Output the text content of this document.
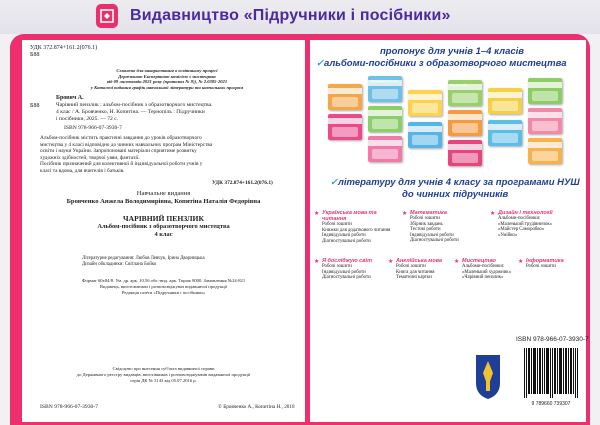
Видавництво «Підручники і посібники»
УДК 372.874+161.2(076.1)
Б88
Схвалено для використання в освітньому процесі
Державною Експертною комісією з мистецтва
від 09 листопада 2021 року (протокол № 9)), № 2.0385-2021
у Каталозі видання графік навчальної літератури та навчальних програм
Брович А.
Б88	Чарівний пензлик : альбом-посібник з образотворчого мистецтва.
4 клас / А. Бровченко, Н. Копитіна. — Тернопіль : Підручники
і посібники, 2025. — 72 с.
ISBN 978-966-07-3930-7
Альбом-посібник містить практичні завдання до уроків образотворчого
мистецтва у 4 класі відповідно до чинних навчальних програм Міністерства
освіти і науки України. Запропоновані матеріали сприятиме розвитку
художніх здібностей, творчої уяви, фантазії.
Посібник призначений для колективної й індивідуальної роботи учнів у
класі та вдома, для вчителів і батьків.
УДК 372.874+161.2(076.1)
Навчальне видання
Бровченко Анжела Володимирівна, Копитіна Наталія Федорівна
ЧАРІВНИЙ ПЕНЗЛИК
Альбом-посібник з образотворчого мистецтва
4 клас
Літературне редагування: Любов Левчук, Ірина Дворницька
Дизайн обкладинки: Світлана Бойко
Формат 60х84/8. Ум. др. арк. 10,56 обл.-вид. арк. Тираж 8000. Замовлення №24-821
Видавець, виготовлювач і розповсюджувач видавничої продукції
Редакція газети «Підручники і посібники»
Свідоцтво про внесення суб'єкта видавничої справи
до Державного реєстру видавців, виготівників і розповсюджувачів видавничої продукції
серія ДК № 5143 від 05.07.2016 р.
ISBN 978-966-07-3930-7	© Бровченко А., Копитіна Н., 2018
пропонує для учнів 1–4 класів
✓альбоми-посібники з образотворчого мистецтва
Чарівний пензлик
Барвограй
✓літературу для учнів 4 класу за програмами НУШ
до чинних підручників
★ Українська мова та читання
Робочі зошити
Книжки для додаткового читання
Індивідуальні роботи
Діагностувальні роботи
★ Математика
Робочі зошити
Збірник завдань
Тестові роботи
Індивідуальні роботи
Діагностувальні роботи
★ Дизайн і технології
Альбоми-посібники:
«Маленький трудівничок»
«Майстер Саморобко»
«Умійко»
★ Я досліджую світ
Робочі зошити
Індивідуальні роботи
Діагностувальні роботи
★ Англійська мова
Робочі зошити
Книга для читання
Тематичні картки
★ Мистецтво
Альбоми-посібники:
«Маленький художник»
«Чарівний пензлик»
★ Інформатика
Робочі зошити
ISBN 978-966-07-3930-7
9 789660 739307
